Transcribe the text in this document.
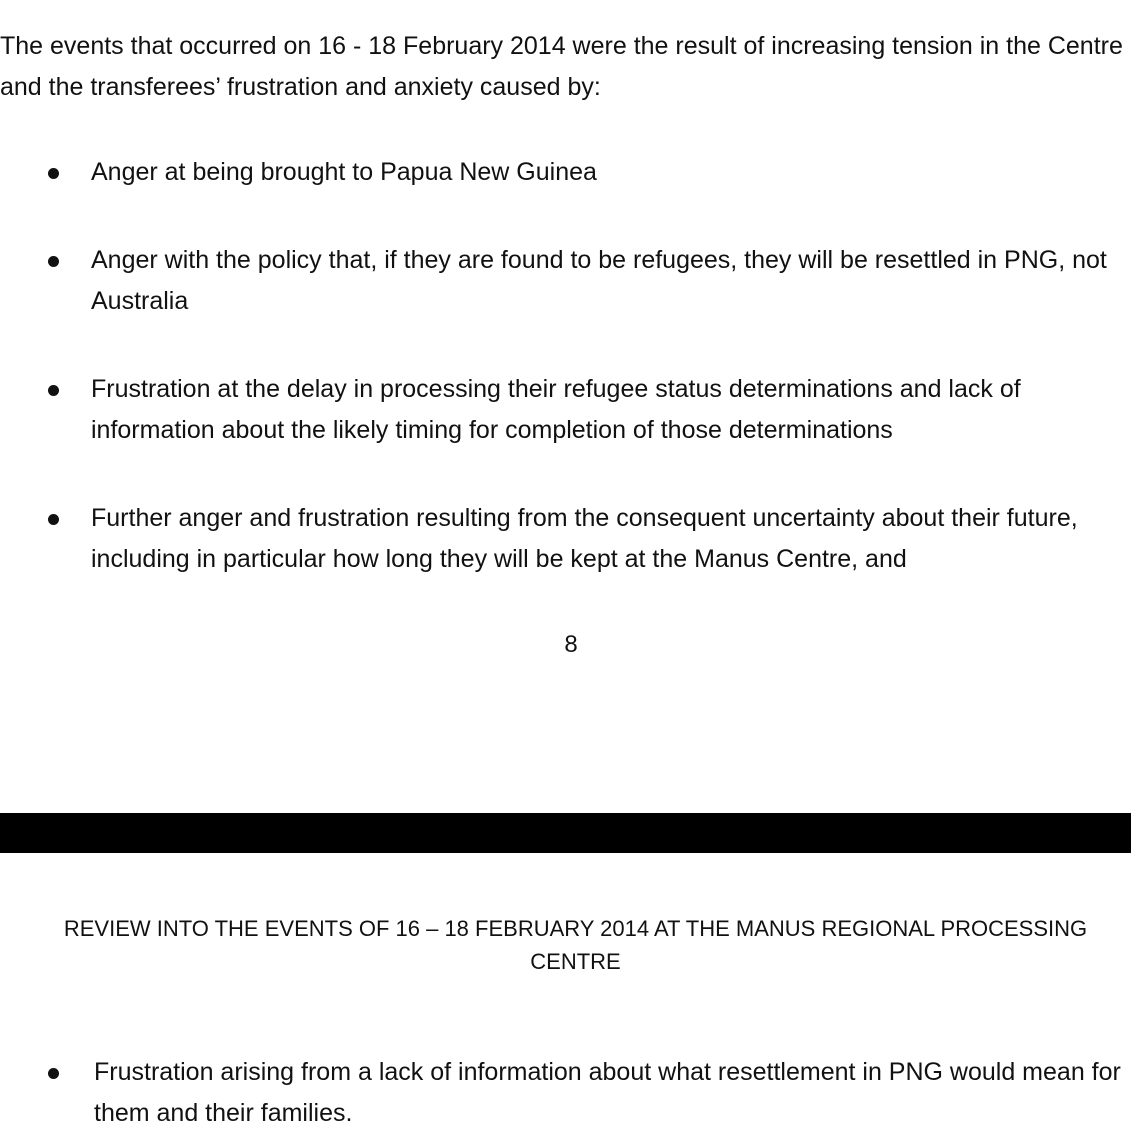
The events that occurred on 16 - 18 February 2014 were the result of increasing tension in the Centre and the transferees’ frustration and anxiety caused by:

Anger at being brought to Papua New Guinea
Anger with the policy that, if they are found to be refugees, they will be resettled in PNG, not Australia
Frustration at the delay in processing their refugee status determinations and lack of information about the likely timing for completion of those determinations
Further anger and frustration resulting from the consequent uncertainty about their future, including in particular how long they will be kept at the Manus Centre, and
8
REVIEW INTO THE EVENTS OF 16 – 18 FEBRUARY 2014 AT THE MANUS REGIONAL PROCESSING CENTRE
Frustration arising from a lack of information about what resettlement in PNG would mean for them and their families.
